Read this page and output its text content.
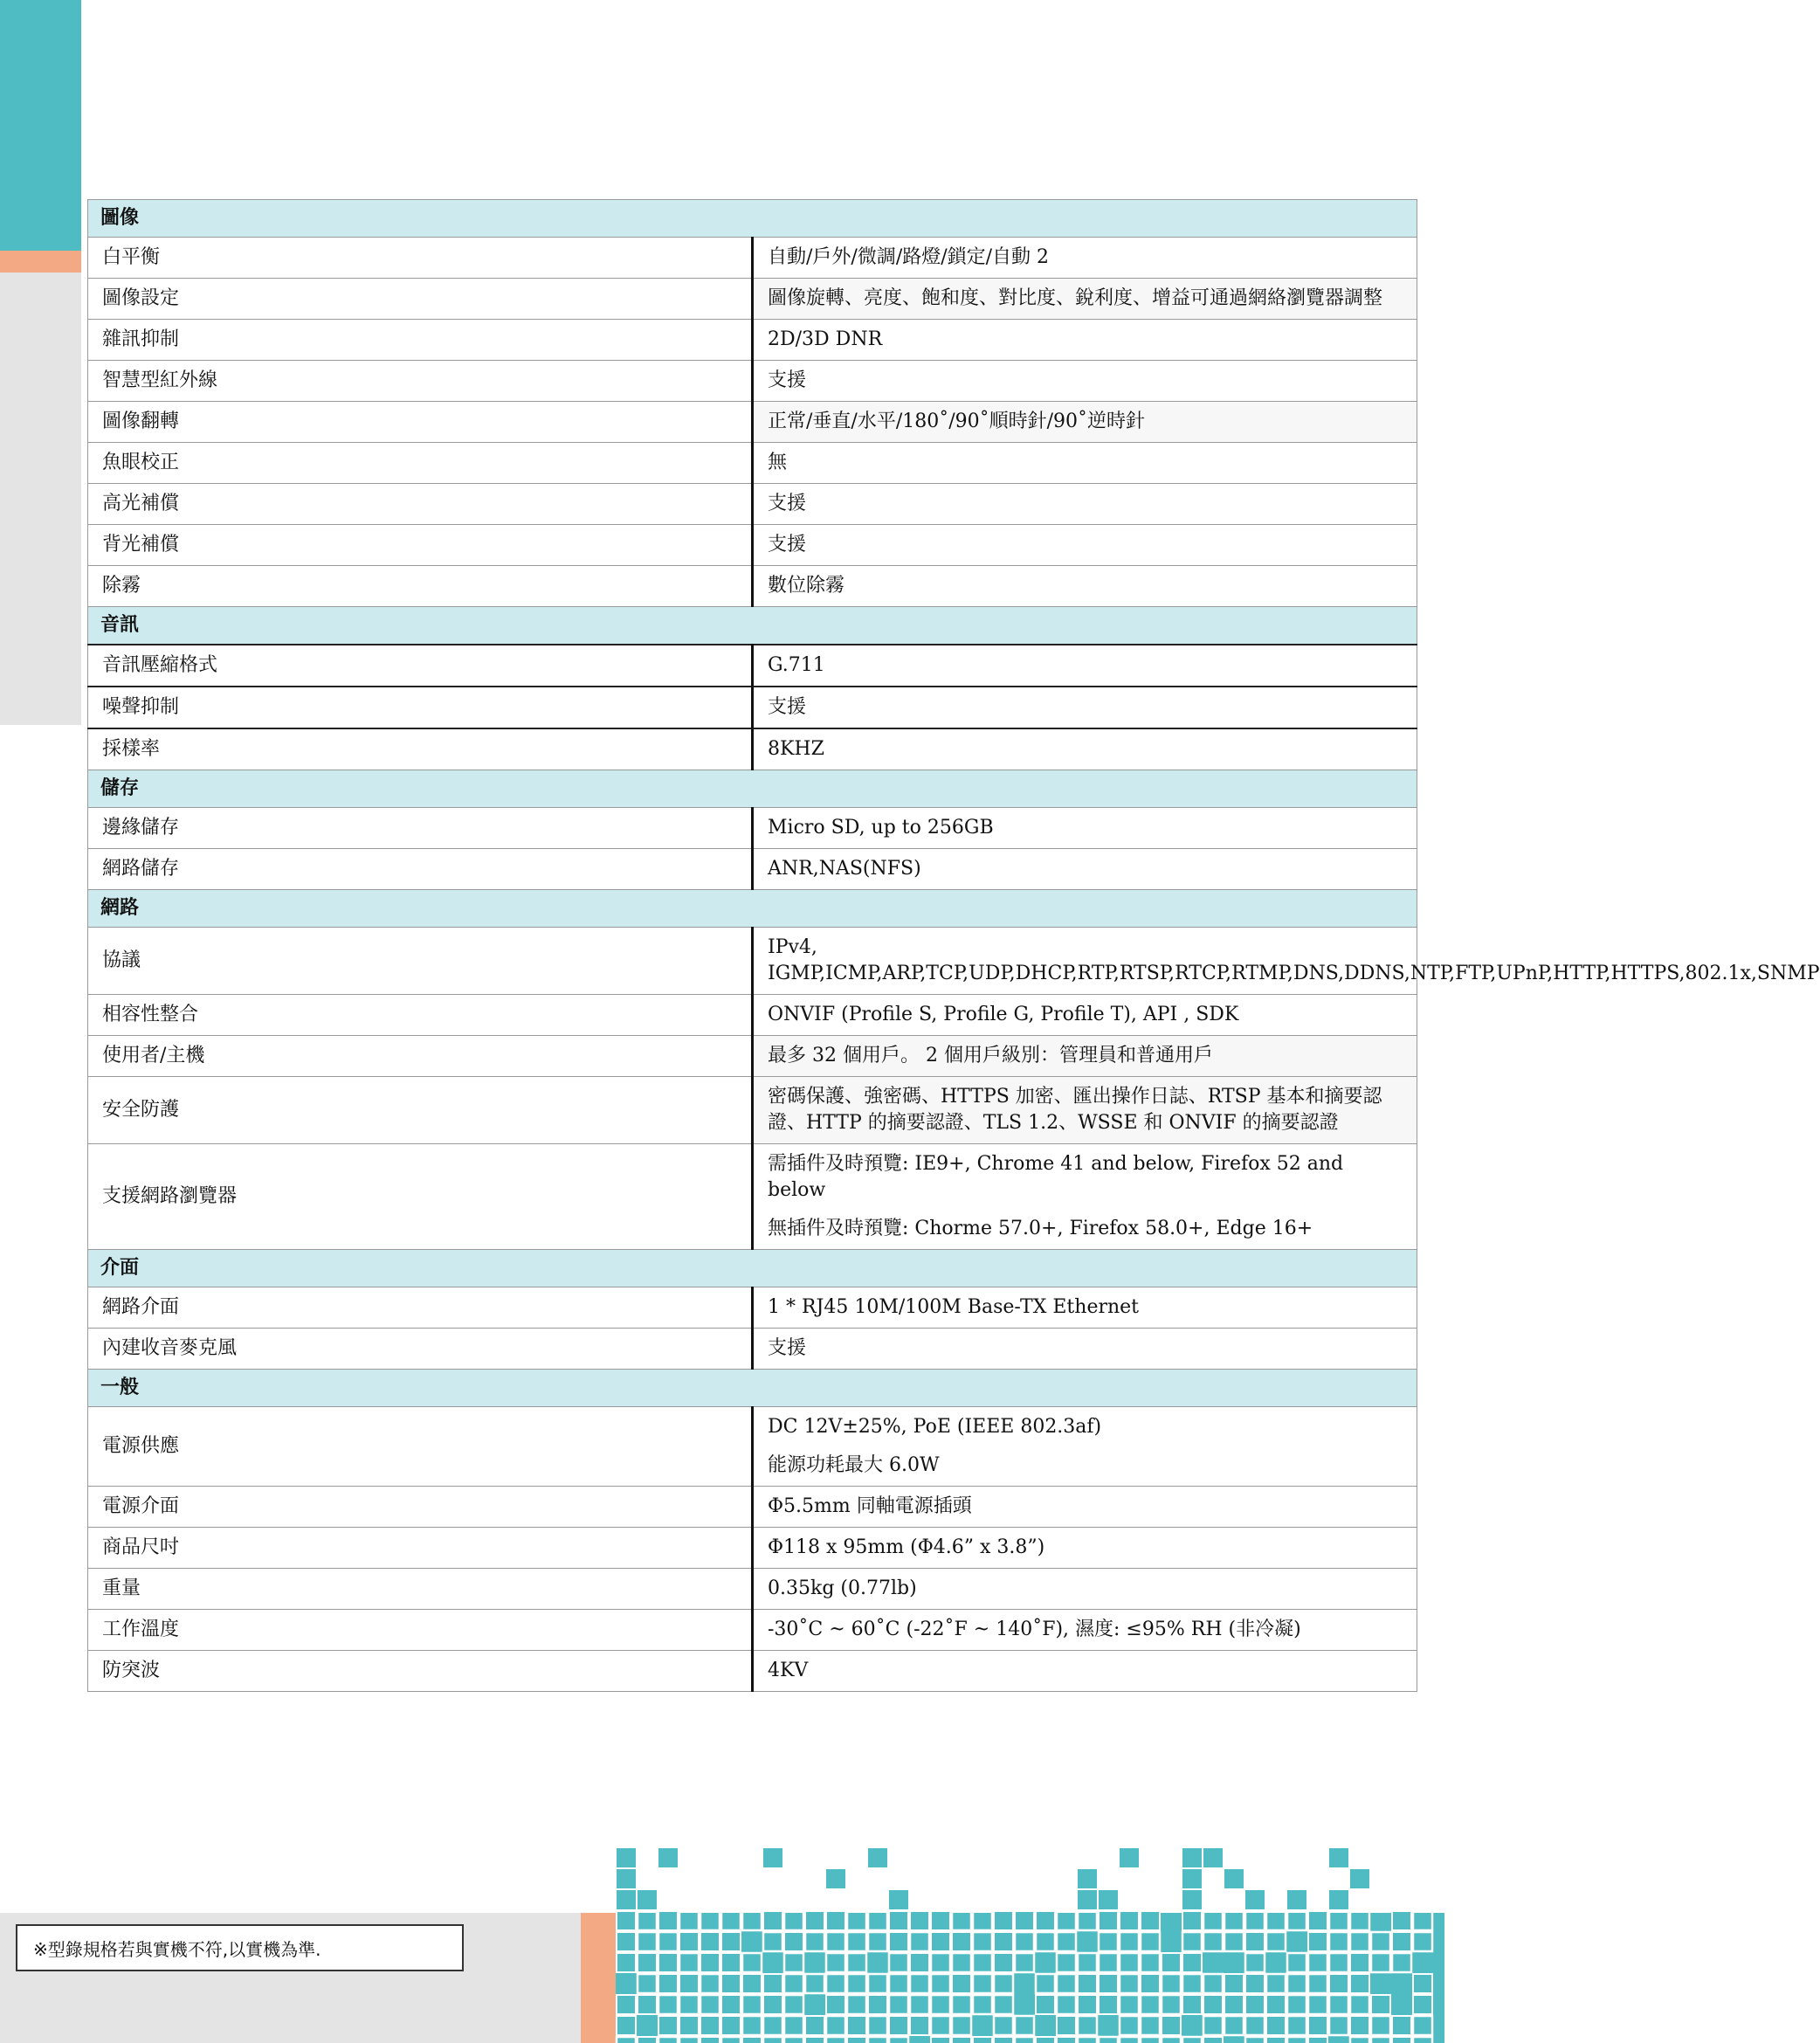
圖像	
白平衡	自動/戶外/微調/路燈/鎖定/自動 2

圖像設定	圖像旋轉、亮度、飽和度、對比度、銳利度、增益可通過網絡瀏覽器調整

雜訊抑制	2D/3D DNR

智慧型紅外線	支援

圖像翻轉	正常/垂直/水平/180˚/90˚順時針/90˚逆時針

魚眼校正	無

高光補償	支援

背光補償	支援

除霧	數位除霧

音訊	
音訊壓縮格式	G.711

噪聲抑制	支援

採樣率	8KHZ

儲存	
邊緣儲存	Micro SD, up to 256GB

網路儲存	ANR,NAS(NFS)

網路	
協議	IPv4, IGMP,ICMP,ARP,TCP,UDP,DHCP,RTP,RTSP,RTCP,RTMP,DNS,DDNS,NTP,FTP,UPnP,HTTP,HTTPS,802.1x,SNMP

相容性整合	ONVIF (Profile S, Profile G, Profile T), API , SDK

使用者/主機	最多 32 個用戶。 2 個用戶級別：管理員和普通用戶

安全防護	密碼保護、強密碼、HTTPS 加密、匯出操作日誌、RTSP 基本和摘要認證、HTTP 的摘要認證、TLS 1.2、WSSE 和 ONVIF 的摘要認證

支援網路瀏覽器	需插件及時預覽: IE9+, Chrome 41 and below, Firefox 52 and below
無插件及時預覽: Chorme 57.0+, Firefox 58.0+, Edge 16+

介面	
網路介面	1 * RJ45 10M/100M Base-TX Ethernet

內建收音麥克風	支援

一般	
電源供應	DC 12V±25%, PoE (IEEE 802.3af)
能源功耗最大 6.0W

電源介面	Φ5.5mm 同軸電源插頭

商品尺吋	Φ118 x 95mm (Φ4.6” x 3.8”)

重量	0.35kg (0.77lb)

工作溫度	-30˚C ~ 60˚C (-22˚F ~ 140˚F), 濕度: ≤95% RH (非冷凝)

防突波	4KV
※型錄規格若與實機不符,以實機為準.
